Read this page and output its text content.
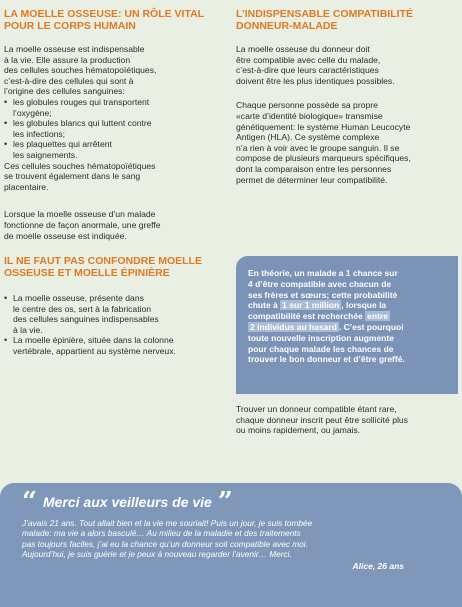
LA MOELLE OSSEUSE: UN RÔLE VITAL POUR LE CORPS HUMAIN

La moelle osseuse est indispensable
à la vie. Elle assure la production
des cellules souches hématopoïétiques,
c’est-à-dire des cellules qui sont à
l’origine des cellules sanguines:

• les globules rouges qui transportent
l’oxygène;
• les globules blancs qui luttent contre
les infections;
• les plaquettes qui arrêtent
les saignements.

Ces cellules souches hématopoïétiques
se trouvent également dans le sang
placentaire.

Lorsque la moelle osseuse d’un malade
fonctionne de façon anormale, une greffe
de moelle osseuse est indiquée.

IL NE FAUT PAS CONFONDRE MOELLE OSSEUSE ET MOELLE ÉPINIÈRE
• La moelle osseuse, présente dans
le centre des os, sert à la fabrication
des cellules sanguines indispensables
à la vie.
• La moelle épinière, située dans la colonne
vertébrale, appartient au système nerveux.
L’INDISPENSABLE COMPATIBILITÉ DONNEUR-MALADE

La moelle osseuse du donneur doit
être compatible avec celle du malade,
c’est-à-dire que leurs caractéristiques
doivent être les plus identiques possibles.

Chaque personne possède sa propre
«carte d’identité biologique» transmise
génétiquement: le système Human Leucocyte
Antigen (HLA). Ce système complexe
n’a rien à voir avec le groupe sanguin. Il se
compose de plusieurs marqueurs spécifiques,
dont la comparaison entre les personnes
permet de déterminer leur compatibilité.

En théorie, un malade a 1 chance sur
4 d’être compatible avec chacun de
ses frères et sœurs; cette probabilité
chute à 1 sur 1 million , lorsque la
compatibilité est recherchée entre
2 individus au hasard . C’est pourquoi
toute nouvelle inscription augmente
pour chaque malade les chances de
trouver le bon donneur et d’être greffé.

Trouver un donneur compatible étant rare,
chaque donneur inscrit peut être sollicité plus
ou moins rapidement, ou jamais.

“ Merci aux veilleurs de vie ”

J’avais 21 ans. Tout allait bien et la vie me souriait! Puis un jour, je suis tombée
malade: ma vie a alors basculé… Au milieu de la maladie et des traitements
pas toujours faciles, j’ai eu la chance qu’un donneur soit compatible avec moi.
Aujourd’hui, je suis guérie et je peux à nouveau regarder l’avenir… Merci.

Alice, 26 ans
